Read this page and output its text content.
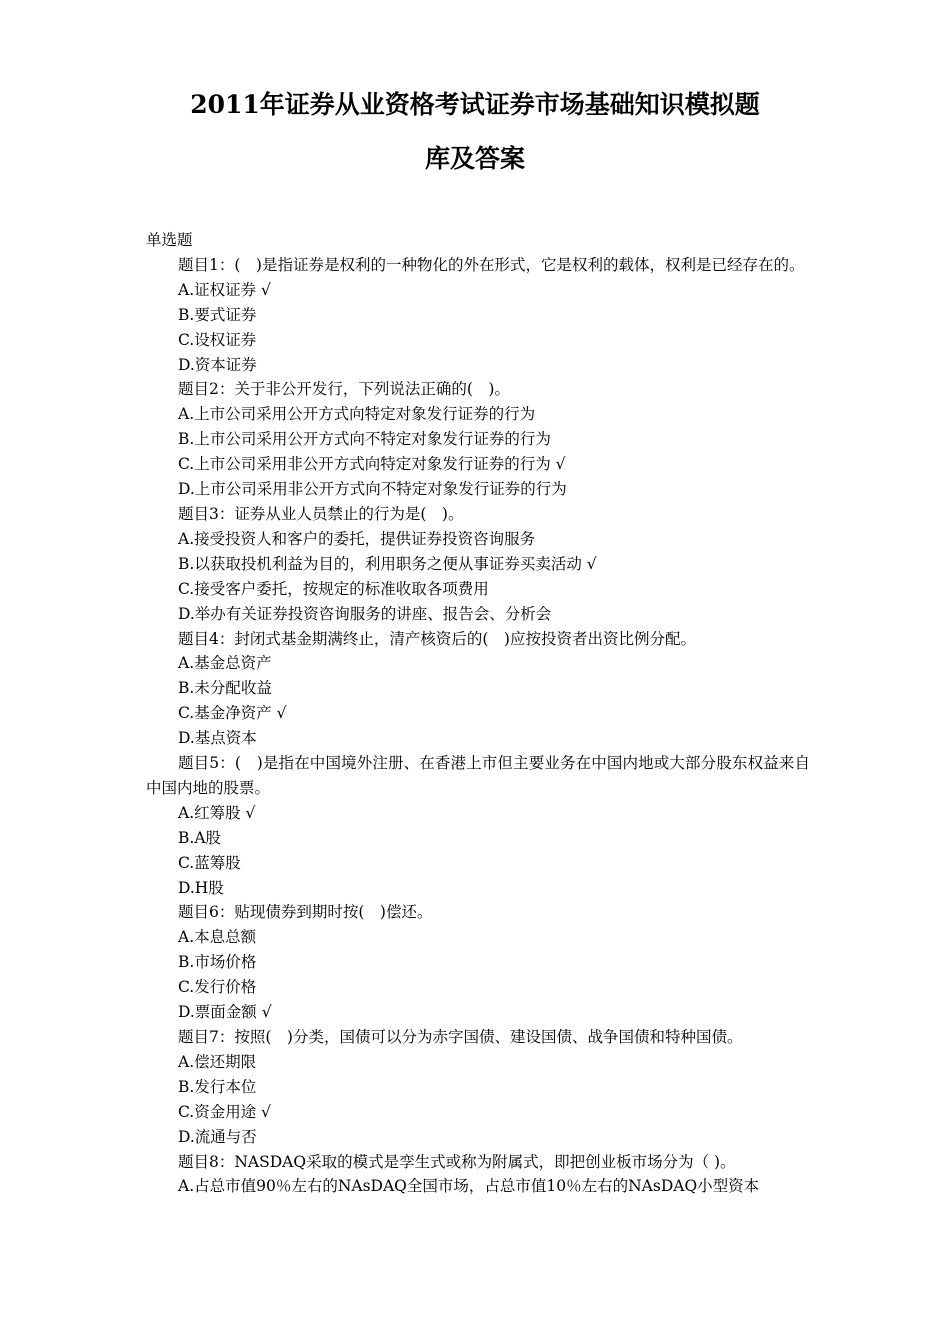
2011年证券从业资格考试证券市场基础知识模拟题
库及答案
单选题
题目1：(　)是指证券是权利的一种物化的外在形式，它是权利的载体，权利是已经存在的。
A.证权证券 √
B.要式证券
C.设权证券
D.资本证券
题目2：关于非公开发行，下列说法正确的(　)。
A.上市公司采用公开方式向特定对象发行证券的行为
B.上市公司采用公开方式向不特定对象发行证券的行为
C.上市公司采用非公开方式向特定对象发行证券的行为 √
D.上市公司采用非公开方式向不特定对象发行证券的行为
题目3：证券从业人员禁止的行为是(　)。
A.接受投资人和客户的委托，提供证券投资咨询服务
B.以获取投机利益为目的，利用职务之便从事证券买卖活动 √
C.接受客户委托，按规定的标准收取各项费用
D.举办有关证券投资咨询服务的讲座、报告会、分析会
题目4：封闭式基金期满终止，清产核资后的(　)应按投资者出资比例分配。
A.基金总资产
B.未分配收益
C.基金净资产 √
D.基点资本
题目5：(　)是指在中国境外注册、在香港上市但主要业务在中国内地或大部分股东权益来自中国内地的股票。
A.红筹股 √
B.A股
C.蓝筹股
D.H股
题目6：贴现债券到期时按(　)偿还。
A.本息总额
B.市场价格
C.发行价格
D.票面金额 √
题目7：按照(　)分类，国债可以分为赤字国债、建设国债、战争国债和特种国债。
A.偿还期限
B.发行本位
C.资金用途 √
D.流通与否
题目8：NASDAQ采取的模式是孪生式或称为附属式，即把创业板市场分为（ )。
A.占总市值90％左右的NAsDAQ全国市场，占总市值10％左右的NAsDAQ小型资本
